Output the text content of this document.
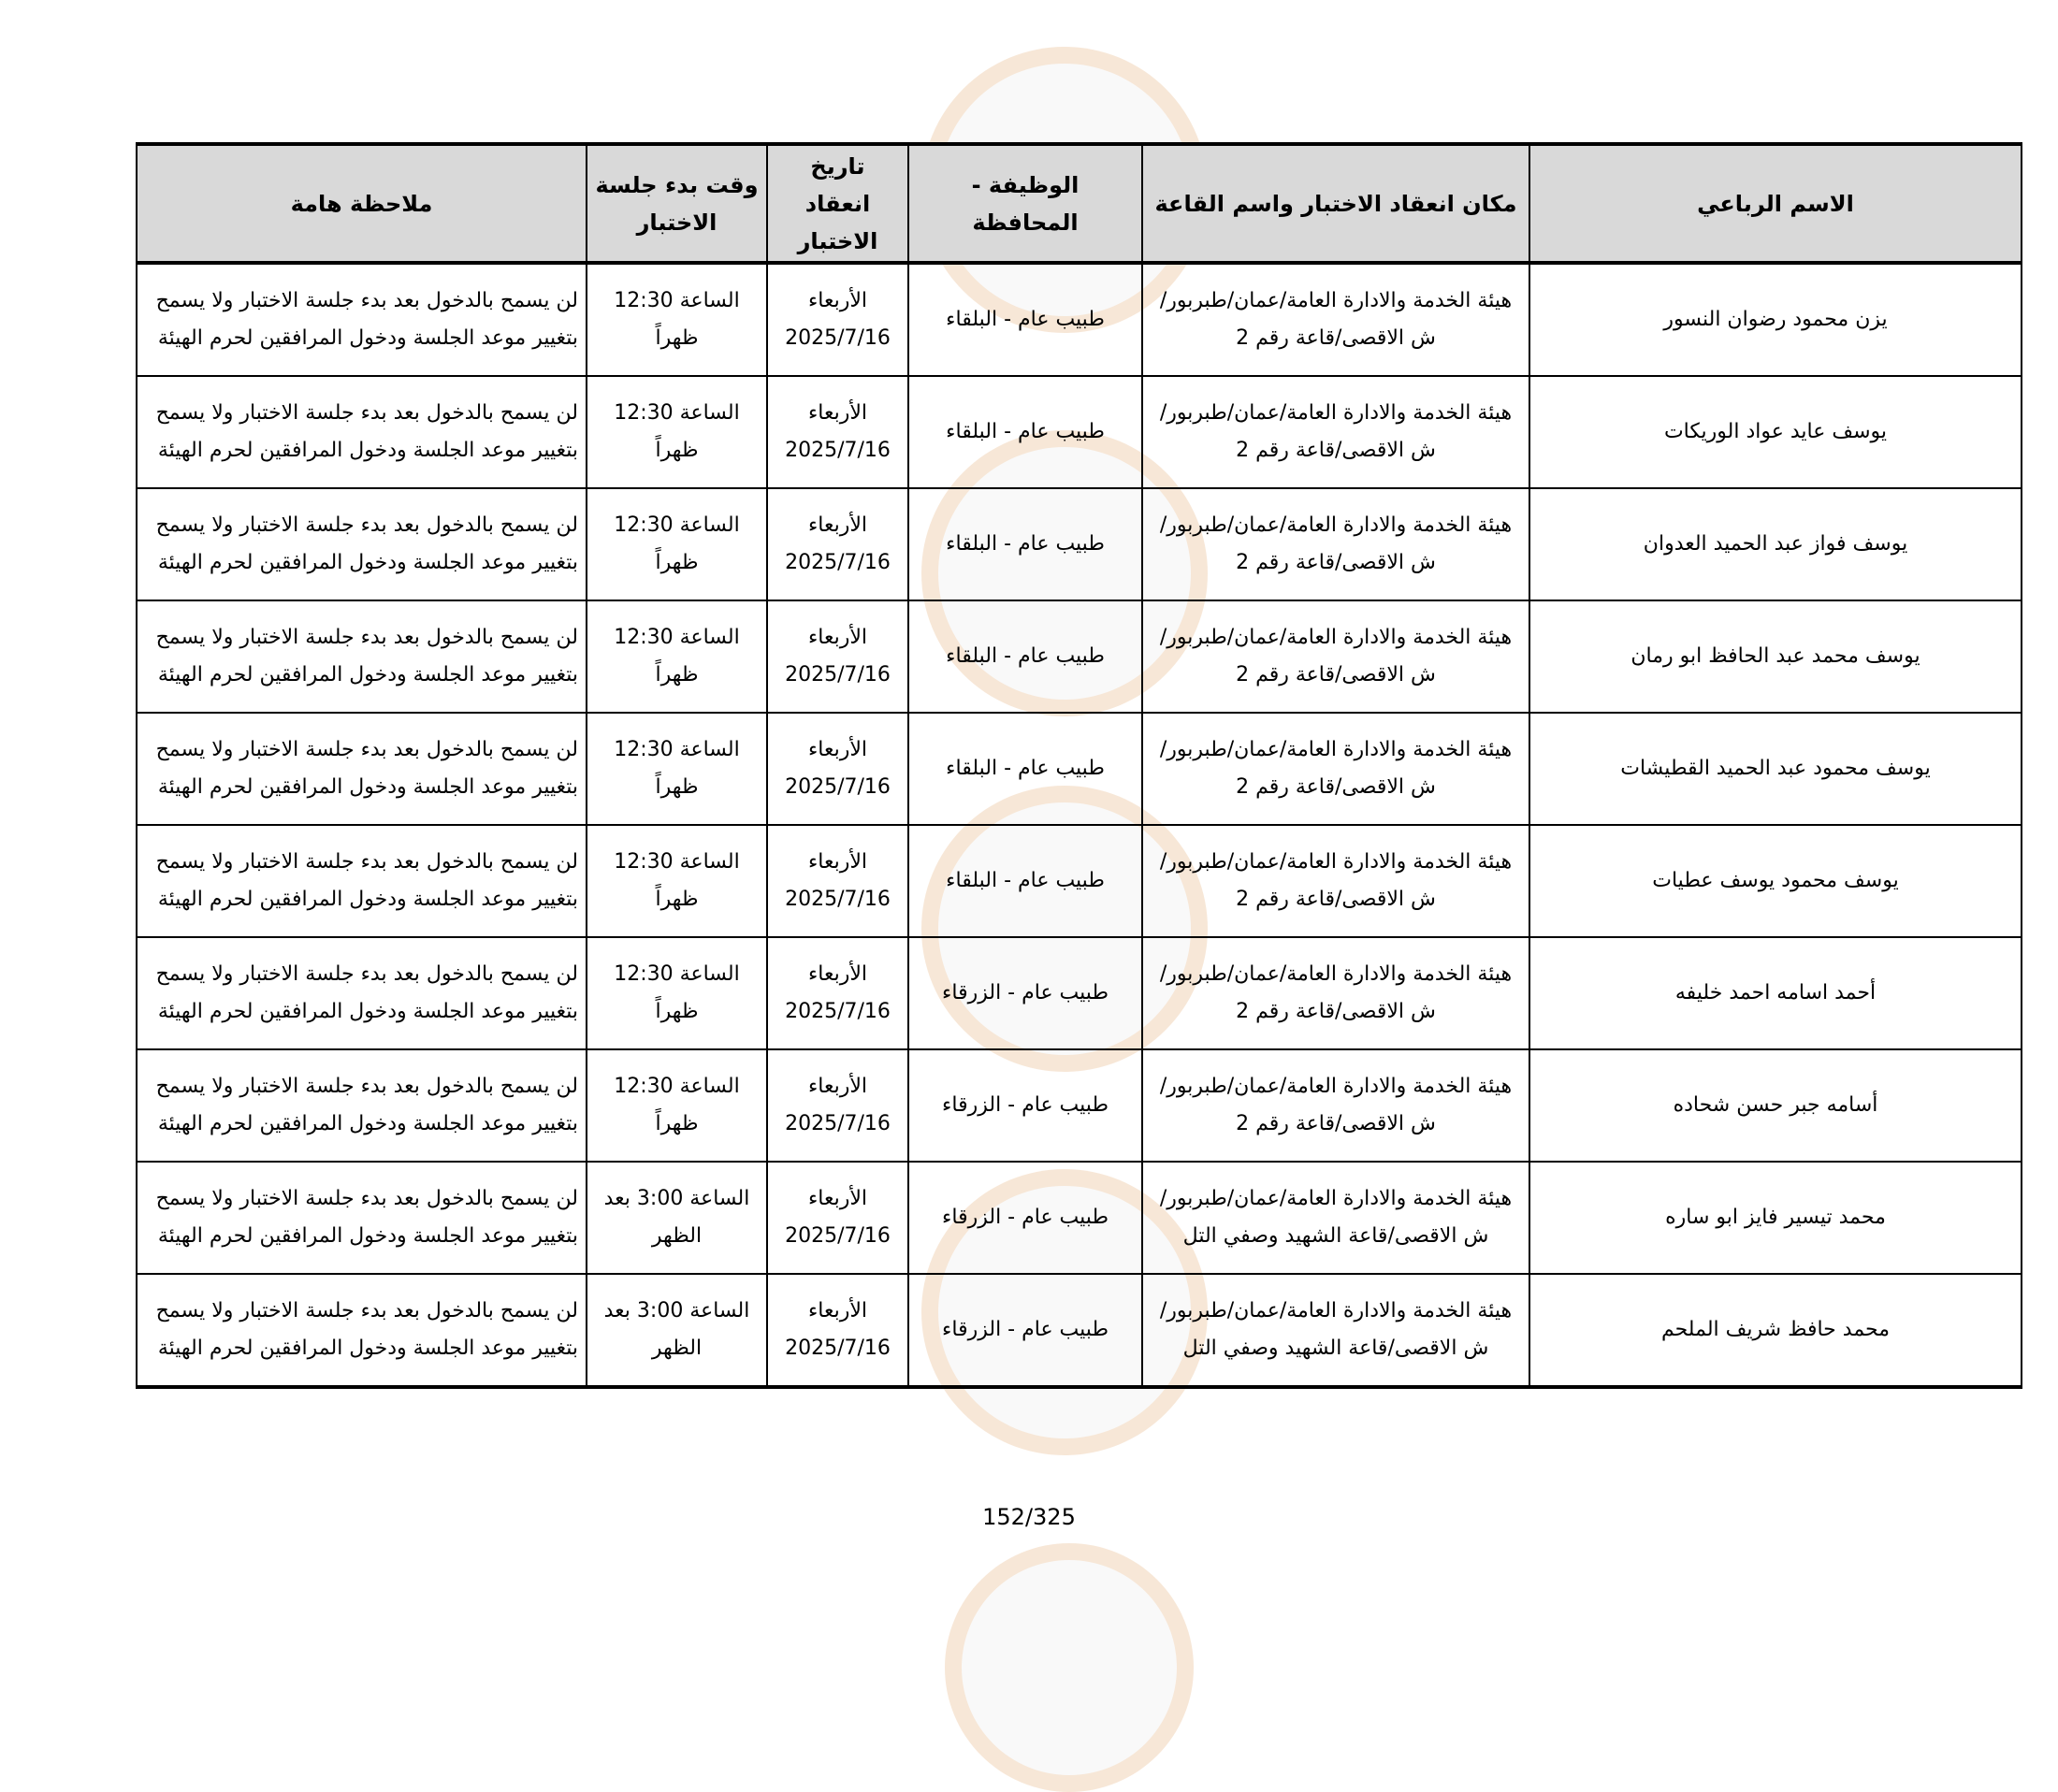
الاسم الرباعي	مكان انعقاد الاختبار واسم القاعة	الوظيفة - المحافظة	تاريخ انعقاد الاختبار	وقت بدء جلسة الاختبار	ملاحظة هامة
يزن محمود رضوان النسور	هيئة الخدمة والادارة العامة/عمان/طبربور/ش الاقصى/قاعة رقم 2	طبيب عام - البلقاء	الأربعاء 2025/7/16	الساعة 12:30 ظهراً	لن يسمح بالدخول بعد بدء جلسة الاختبار ولا يسمح بتغيير موعد الجلسة ودخول المرافقين لحرم الهيئة
يوسف عايد عواد الوريكات	هيئة الخدمة والادارة العامة/عمان/طبربور/ش الاقصى/قاعة رقم 2	طبيب عام - البلقاء	الأربعاء 2025/7/16	الساعة 12:30 ظهراً	لن يسمح بالدخول بعد بدء جلسة الاختبار ولا يسمح بتغيير موعد الجلسة ودخول المرافقين لحرم الهيئة
يوسف فواز عبد الحميد العدوان	هيئة الخدمة والادارة العامة/عمان/طبربور/ش الاقصى/قاعة رقم 2	طبيب عام - البلقاء	الأربعاء 2025/7/16	الساعة 12:30 ظهراً	لن يسمح بالدخول بعد بدء جلسة الاختبار ولا يسمح بتغيير موعد الجلسة ودخول المرافقين لحرم الهيئة
يوسف محمد عبد الحافظ ابو رمان	هيئة الخدمة والادارة العامة/عمان/طبربور/ش الاقصى/قاعة رقم 2	طبيب عام - البلقاء	الأربعاء 2025/7/16	الساعة 12:30 ظهراً	لن يسمح بالدخول بعد بدء جلسة الاختبار ولا يسمح بتغيير موعد الجلسة ودخول المرافقين لحرم الهيئة
يوسف محمود عبد الحميد القطيشات	هيئة الخدمة والادارة العامة/عمان/طبربور/ش الاقصى/قاعة رقم 2	طبيب عام - البلقاء	الأربعاء 2025/7/16	الساعة 12:30 ظهراً	لن يسمح بالدخول بعد بدء جلسة الاختبار ولا يسمح بتغيير موعد الجلسة ودخول المرافقين لحرم الهيئة
يوسف محمود يوسف عطيات	هيئة الخدمة والادارة العامة/عمان/طبربور/ش الاقصى/قاعة رقم 2	طبيب عام - البلقاء	الأربعاء 2025/7/16	الساعة 12:30 ظهراً	لن يسمح بالدخول بعد بدء جلسة الاختبار ولا يسمح بتغيير موعد الجلسة ودخول المرافقين لحرم الهيئة
أحمد اسامه احمد خليفه	هيئة الخدمة والادارة العامة/عمان/طبربور/ش الاقصى/قاعة رقم 2	طبيب عام - الزرقاء	الأربعاء 2025/7/16	الساعة 12:30 ظهراً	لن يسمح بالدخول بعد بدء جلسة الاختبار ولا يسمح بتغيير موعد الجلسة ودخول المرافقين لحرم الهيئة
أسامه جبر حسن شحاده	هيئة الخدمة والادارة العامة/عمان/طبربور/ش الاقصى/قاعة رقم 2	طبيب عام - الزرقاء	الأربعاء 2025/7/16	الساعة 12:30 ظهراً	لن يسمح بالدخول بعد بدء جلسة الاختبار ولا يسمح بتغيير موعد الجلسة ودخول المرافقين لحرم الهيئة
محمد تيسير فايز ابو ساره	هيئة الخدمة والادارة العامة/عمان/طبربور/ش الاقصى/قاعة الشهيد وصفي التل	طبيب عام - الزرقاء	الأربعاء 2025/7/16	الساعة 3:00 بعد الظهر	لن يسمح بالدخول بعد بدء جلسة الاختبار ولا يسمح بتغيير موعد الجلسة ودخول المرافقين لحرم الهيئة
محمد حافظ شريف الملحم	هيئة الخدمة والادارة العامة/عمان/طبربور/ش الاقصى/قاعة الشهيد وصفي التل	طبيب عام - الزرقاء	الأربعاء 2025/7/16	الساعة 3:00 بعد الظهر	لن يسمح بالدخول بعد بدء جلسة الاختبار ولا يسمح بتغيير موعد الجلسة ودخول المرافقين لحرم الهيئة
152/325
